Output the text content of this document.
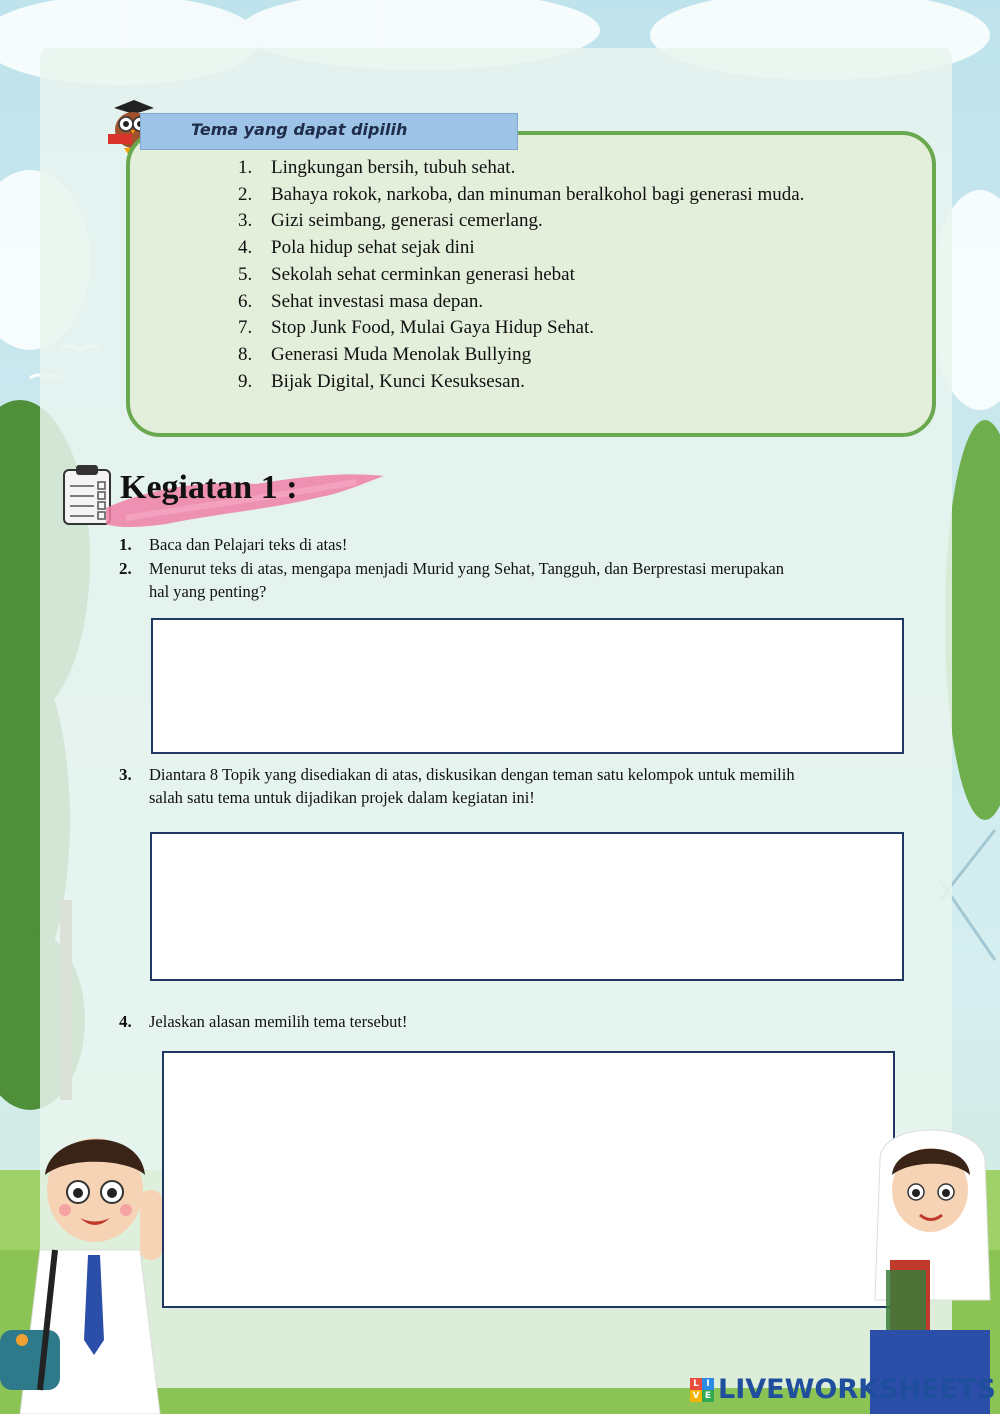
Tema yang dapat dipilih
1. Lingkungan bersih, tubuh sehat.
2. Bahaya rokok, narkoba, dan minuman beralkohol bagi generasi muda.
3. Gizi seimbang, generasi cemerlang.
4. Pola hidup sehat sejak dini
5. Sekolah sehat cerminkan generasi hebat
6. Sehat investasi masa depan.
7. Stop Junk Food, Mulai Gaya Hidup Sehat.
8. Generasi Muda Menolak Bullying
9. Bijak Digital, Kunci Kesuksesan.
Kegiatan 1 :
1. Baca dan Pelajari teks di atas!
2. Menurut teks di atas, mengapa menjadi Murid yang Sehat, Tangguh, dan Berprestasi merupakan hal yang penting?
3. Diantara 8 Topik yang disediakan di atas, diskusikan dengan teman satu kelompok untuk memilih salah satu tema untuk dijadikan projek dalam kegiatan ini!
4. Jelaskan alasan memilih tema tersebut!
L I
V E LIVEWORKSHEETS
